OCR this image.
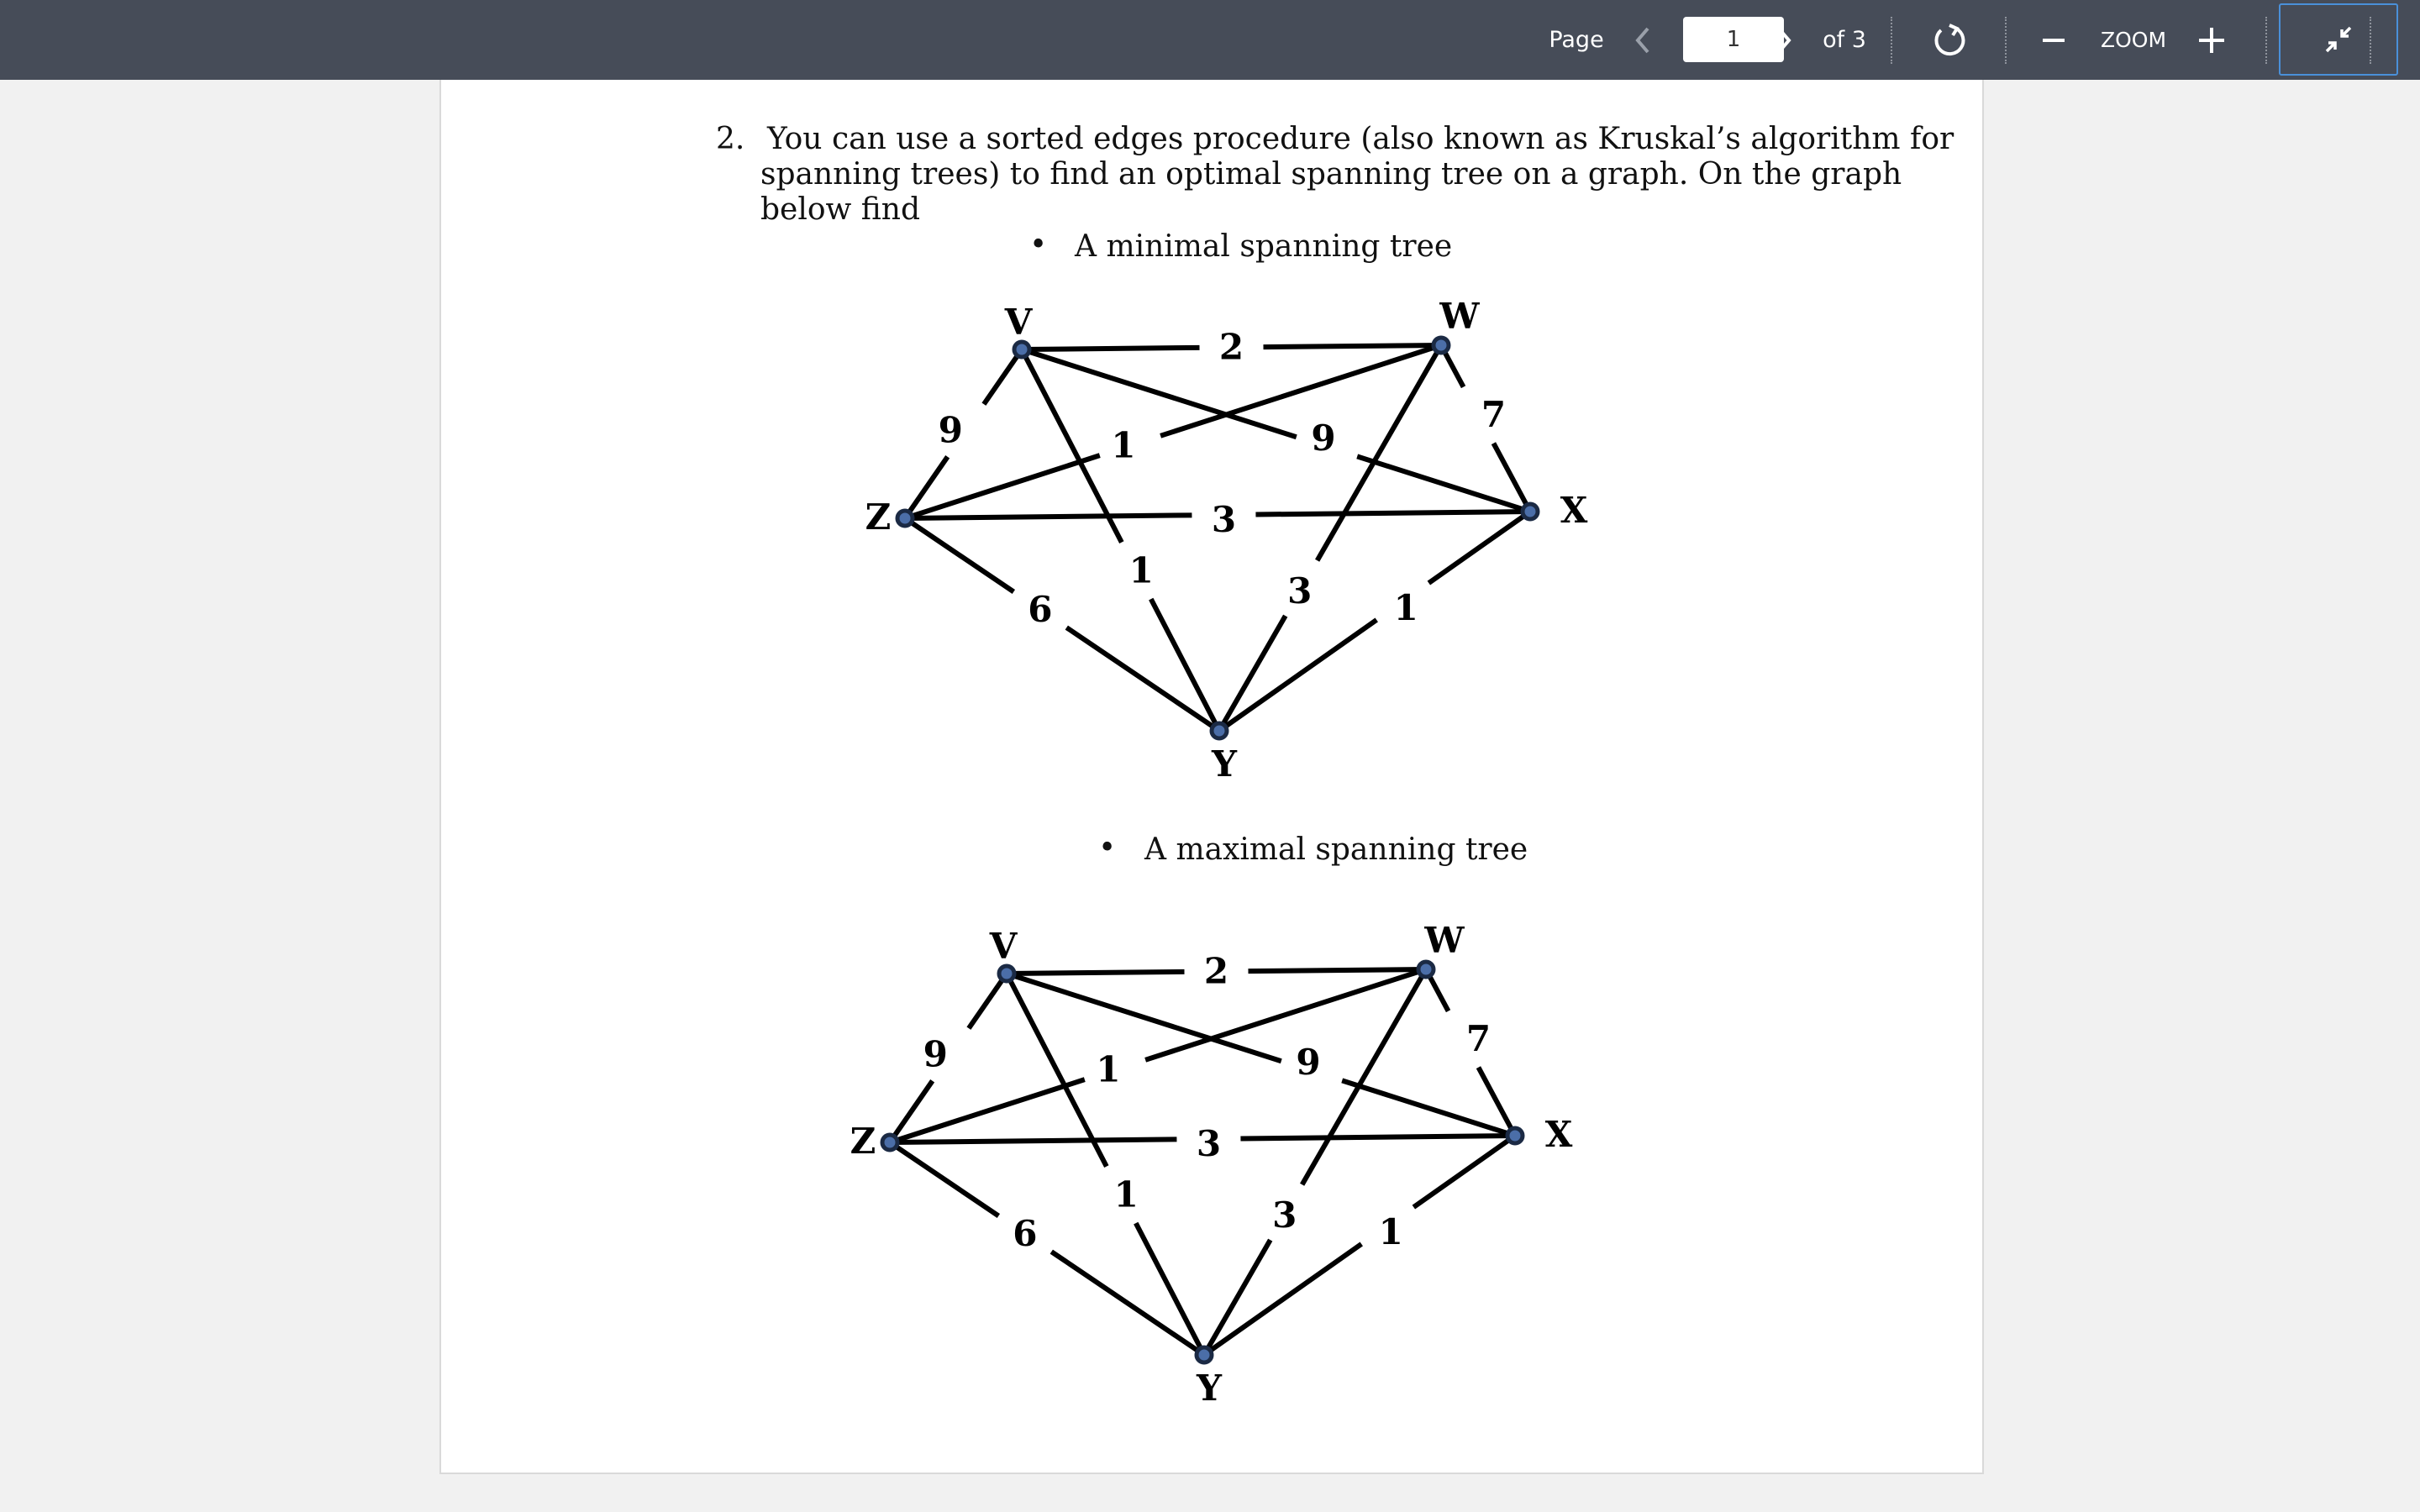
Page
1	of 3	ZOOM
2. You can use a sorted edges procedure (also known as Kruskal’s algorithm for
spanning trees) to find an optimal spanning tree on a graph. On the graph
below find
• A minimal spanning tree
• A maximal spanning tree
2
1	9
7
9
3
1
3
6	1
V	W
X
Y
Z
2
1	9
7
9
3
1
3
6	1
V	W
X
Y
Z
